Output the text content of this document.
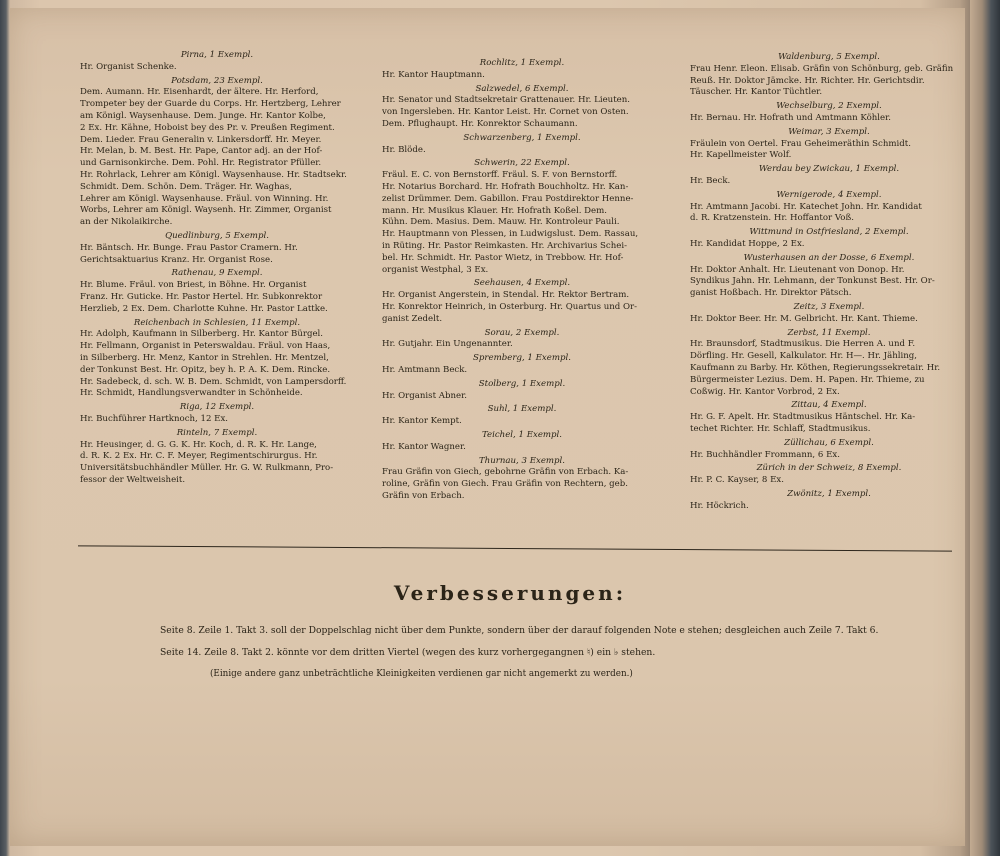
Pirna, 1 Exempl.
Hr. Organist Schenke.
Potsdam, 23 Exempl.
Dem. Aumann. Hr. Eisenhardt, der ältere. Hr. Herford,
Trompeter bey der Guarde du Corps. Hr. Hertzberg, Lehrer
am Königl. Waysenhause. Dem. Junge. Hr. Kantor Kolbe,
2 Ex. Hr. Kähne, Hoboist bey des Pr. v. Preußen Regiment.
Dem. Lieder. Frau Generalin v. Linkersdorff. Hr. Meyer.
Hr. Melan, b. M. Best. Hr. Pape, Cantor adj. an der Hof-
und Garnisonkirche. Dem. Pohl. Hr. Registrator Pfüller.
Hr. Rohrlack, Lehrer am Königl. Waysenhause. Hr. Stadtsekr.
Schmidt. Dem. Schön. Dem. Träger. Hr. Waghas,
Lehrer am Königl. Waysenhause. Fräul. von Winning. Hr.
Worbs, Lehrer am Königl. Waysenh. Hr. Zimmer, Organist
an der Nikolaikirche.
Quedlinburg, 5 Exempl.
Hr. Bäntsch. Hr. Bunge. Frau Pastor Cramern. Hr.
Gerichtsaktuarius Kranz. Hr. Organist Rose.
Rathenau, 9 Exempl.
Hr. Blume. Fräul. von Briest, in Böhne. Hr. Organist
Franz. Hr. Guticke. Hr. Pastor Hertel. Hr. Subkonrektor
Herzlieb, 2 Ex. Dem. Charlotte Kuhne. Hr. Pastor Lattke.
Reichenbach in Schlesien, 11 Exempl.
Hr. Adolph, Kaufmann in Silberberg. Hr. Kantor Bürgel.
Hr. Fellmann, Organist in Peterswaldau. Fräul. von Haas,
in Silberberg. Hr. Menz, Kantor in Strehlen. Hr. Mentzel,
der Tonkunst Best. Hr. Opitz, bey h. P. A. K. Dem. Rincke.
Hr. Sadebeck, d. sch. W. B. Dem. Schmidt, von Lampersdorff.
Hr. Schmidt, Handlungsverwandter in Schönheide.
Riga, 12 Exempl.
Hr. Buchführer Hartknoch, 12 Ex.
Rinteln, 7 Exempl.
Hr. Heusinger, d. G. G. K. Hr. Koch, d. R. K. Hr. Lange,
d. R. K. 2 Ex. Hr. C. F. Meyer, Regimentschirurgus. Hr.
Universitätsbuchhändler Müller. Hr. G. W. Rulkmann, Pro-
fessor der Weltweisheit.
Rochlitz, 1 Exempl.
Hr. Kantor Hauptmann.
Salzwedel, 6 Exempl.
Hr. Senator und Stadtsekretair Grattenauer. Hr. Lieuten.
von Ingersleben. Hr. Kantor Leist. Hr. Cornet von Osten.
Dem. Pflughaupt. Hr. Konrektor Schaumann.
Schwarzenberg, 1 Exempl.
Hr. Blöde.
Schwerin, 22 Exempl.
Fräul. E. C. von Bernstorff. Fräul. S. F. von Bernstorff.
Hr. Notarius Borchard. Hr. Hofrath Bouchholtz. Hr. Kan-
zelist Drümmer. Dem. Gabillon. Frau Postdirektor Henne-
mann. Hr. Musikus Klauer. Hr. Hofrath Koßel. Dem.
Kühn. Dem. Masius. Dem. Mauw. Hr. Kontroleur Pauli.
Hr. Hauptmann von Plessen, in Ludwigslust. Dem. Rassau,
in Rüting. Hr. Pastor Reimkasten. Hr. Archivarius Schei-
bel. Hr. Schmidt. Hr. Pastor Wietz, in Trebbow. Hr. Hof-
organist Westphal, 3 Ex.
Seehausen, 4 Exempl.
Hr. Organist Angerstein, in Stendal. Hr. Rektor Bertram.
Hr. Konrektor Heinrich, in Osterburg. Hr. Quartus und Or-
ganist Zedelt.
Sorau, 2 Exempl.
Hr. Gutjahr. Ein Ungenannter.
Spremberg, 1 Exempl.
Hr. Amtmann Beck.
Stolberg, 1 Exempl.
Hr. Organist Abner.
Suhl, 1 Exempl.
Hr. Kantor Kempt.
Teichel, 1 Exempl.
Hr. Kantor Wagner.
Thurnau, 3 Exempl.
Frau Gräfin von Giech, gebohrne Gräfin von Erbach. Ka-
roline, Gräfin von Giech. Frau Gräfin von Rechtern, geb.
Gräfin von Erbach.
Waldenburg, 5 Exempl.
Frau Henr. Eleon. Elisab. Gräfin von Schönburg, geb. Gräfin
Reuß. Hr. Doktor Jämcke. Hr. Richter. Hr. Gerichtsdir.
Täuscher. Hr. Kantor Tüchtler.
Wechselburg, 2 Exempl.
Hr. Bernau. Hr. Hofrath und Amtmann Köhler.
Weimar, 3 Exempl.
Fräulein von Oertel. Frau Geheimeräthin Schmidt.
Hr. Kapellmeister Wolf.
Werdau bey Zwickau, 1 Exempl.
Hr. Beck.
Wernigerode, 4 Exempl.
Hr. Amtmann Jacobi. Hr. Katechet John. Hr. Kandidat
d. R. Kratzenstein. Hr. Hoffantor Voß.
Wittmund in Ostfriesland, 2 Exempl.
Hr. Kandidat Hoppe, 2 Ex.
Wusterhausen an der Dosse, 6 Exempl.
Hr. Doktor Anhalt. Hr. Lieutenant von Donop. Hr.
Syndikus Jahn. Hr. Lehmann, der Tonkunst Best. Hr. Or-
ganist Hoßbach. Hr. Direktor Pätsch.
Zeitz, 3 Exempl.
Hr. Doktor Beer. Hr. M. Gelbricht. Hr. Kant. Thieme.
Zerbst, 11 Exempl.
Hr. Braunsdorf, Stadtmusikus. Die Herren A. und F.
Dörfling. Hr. Gesell, Kalkulator. Hr. H—. Hr. Jähling,
Kaufmann zu Barby. Hr. Köthen, Regierungssekretair. Hr.
Bürgermeister Lezius. Dem. H. Papen. Hr. Thieme, zu
Coßwig. Hr. Kantor Vorbrod, 2 Ex.
Zittau, 4 Exempl.
Hr. G. F. Apelt. Hr. Stadtmusikus Häntschel. Hr. Ka-
techet Richter. Hr. Schlaff, Stadtmusikus.
Züllichau, 6 Exempl.
Hr. Buchhändler Frommann, 6 Ex.
Zürich in der Schweiz, 8 Exempl.
Hr. P. C. Kayser, 8 Ex.
Zwönitz, 1 Exempl.
Hr. Höckrich.
Verbesserungen:
Seite 8. Zeile 1. Takt 3. soll der Doppelschlag nicht über dem Punkte, sondern über der darauf folgenden Note e stehen; desgleichen auch Zeile 7. Takt 6.
Seite 14. Zeile 8. Takt 2. könnte vor dem dritten Viertel (wegen des kurz vorhergegangnen ♮) ein ♭ stehen.
(Einige andere ganz unbeträchtliche Kleinigkeiten verdienen gar nicht angemerkt zu werden.)
